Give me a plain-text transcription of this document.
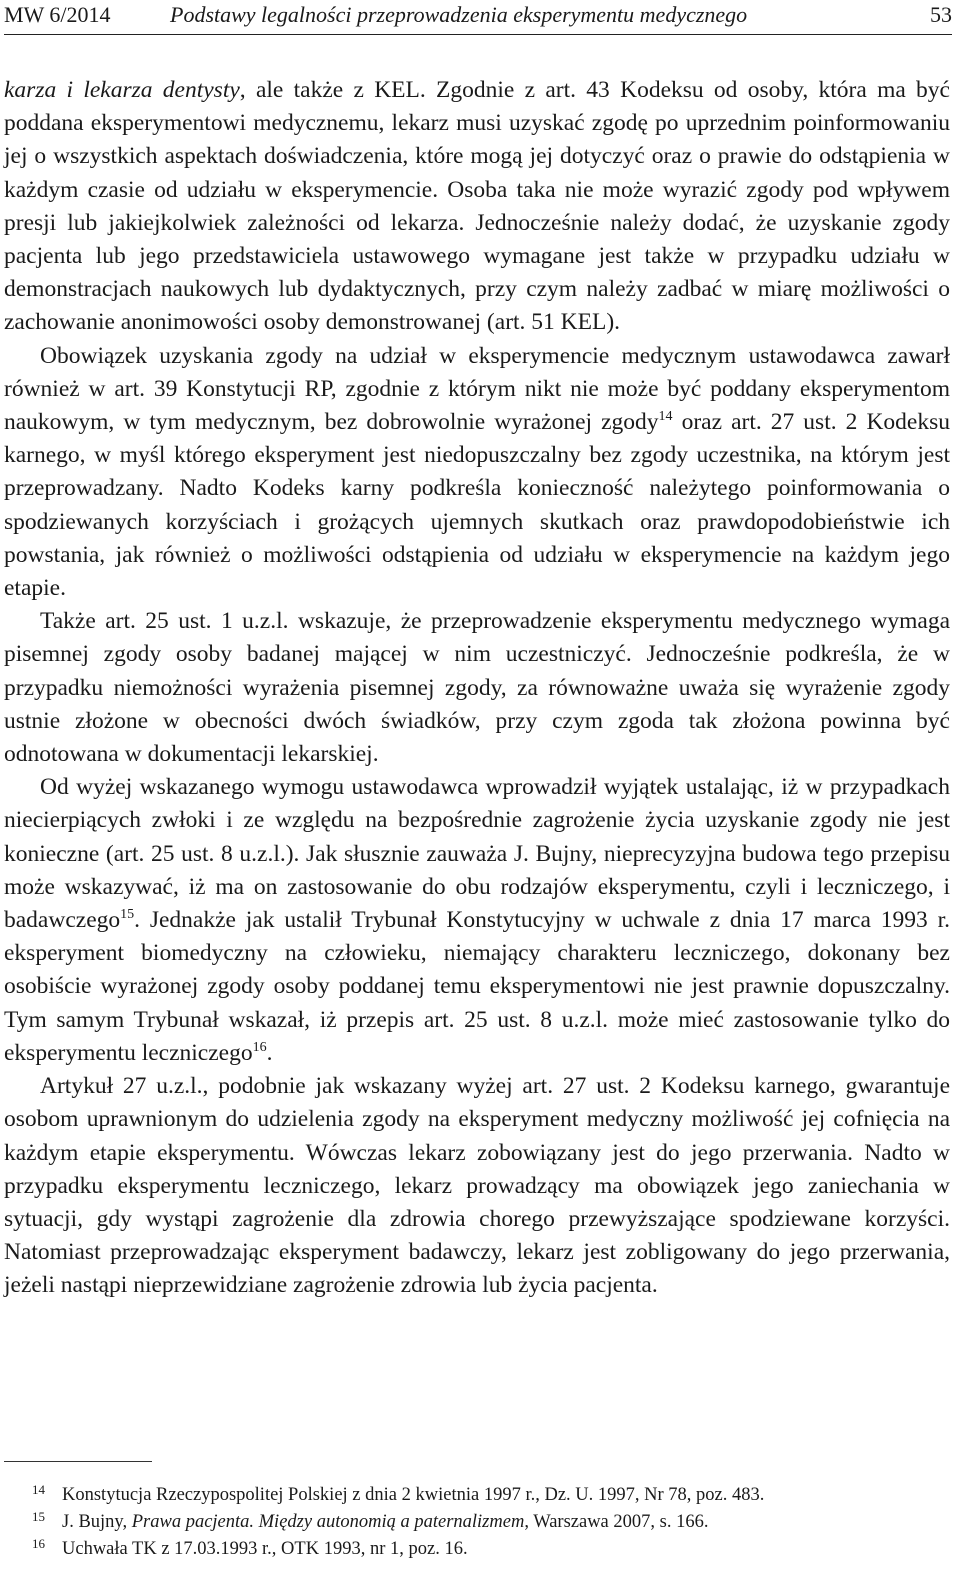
MW 6/2014	Podstawy legalności przeprowadzenia eksperymentu medycznego	53

karza i lekarza dentysty, ale także z KEL. Zgodnie z art. 43 Kodeksu od osoby, która ma być poddana eksperymentowi medycznemu, lekarz musi uzyskać zgodę po uprzednim poinformowaniu jej o wszystkich aspektach doświadczenia, które mogą jej dotyczyć oraz o prawie do odstąpienia w każdym czasie od udziału w eksperymencie. Osoba taka nie może wyrazić zgody pod wpływem presji lub jakiejkolwiek zależności od lekarza. Jednocześnie należy dodać, że uzyskanie zgody pacjenta lub jego przedstawiciela ustawowego wymagane jest także w przypadku udziału w demonstracjach naukowych lub dydaktycznych, przy czym należy zadbać w miarę możliwości o zachowanie anonimowości osoby demonstrowanej (art. 51 KEL).

Obowiązek uzyskania zgody na udział w eksperymencie medycznym ustawodawca zawarł również w art. 39 Konstytucji RP, zgodnie z którym nikt nie może być poddany eksperymentom naukowym, w tym medycznym, bez dobrowolnie wyrażonej zgody$^{14}$ oraz art. 27 ust. 2 Kodeksu karnego, w myśl którego eksperyment jest niedopuszczalny bez zgody uczestnika, na którym jest przeprowadzany. Nadto Kodeks karny podkreśla konieczność należytego poinformowania o spodziewanych korzyściach i grożących ujemnych skutkach oraz prawdopodobieństwie ich powstania, jak również o możliwości odstąpienia od udziału w eksperymencie na każdym jego etapie.

Także art. 25 ust. 1 u.z.l. wskazuje, że przeprowadzenie eksperymentu medycznego wymaga pisemnej zgody osoby badanej mającej w nim uczestniczyć. Jednocześnie podkreśla, że w przypadku niemożności wyrażenia pisemnej zgody, za równoważne uważa się wyrażenie zgody ustnie złożone w obecności dwóch świadków, przy czym zgoda tak złożona powinna być odnotowana w dokumentacji lekarskiej.

Od wyżej wskazanego wymogu ustawodawca wprowadził wyjątek ustalając, iż w przypadkach niecierpiących zwłoki i ze względu na bezpośrednie zagrożenie życia uzyskanie zgody nie jest konieczne (art. 25 ust. 8 u.z.l.). Jak słusznie zauważa J. Bujny, nieprecyzyjna budowa tego przepisu może wskazywać, iż ma on zastosowanie do obu rodzajów eksperymentu, czyli i leczniczego, i badawczego$^{15}$. Jednakże jak ustalił Trybunał Konstytucyjny w uchwale z dnia 17 marca 1993 r. eksperyment biomedyczny na człowieku, niemający charakteru leczniczego, dokonany bez osobiście wyrażonej zgody osoby poddanej temu eksperymentowi nie jest prawnie dopuszczalny. Tym samym Trybunał wskazał, iż przepis art. 25 ust. 8 u.z.l. może mieć zastosowanie tylko do eksperymentu leczniczego$^{16}$.

Artykuł 27 u.z.l., podobnie jak wskazany wyżej art. 27 ust. 2 Kodeksu karnego, gwarantuje osobom uprawnionym do udzielenia zgody na eksperyment medyczny możliwość jej cofnięcia na każdym etapie eksperymentu. Wówczas lekarz zobowiązany jest do jego przerwania. Nadto w przypadku eksperymentu leczniczego, lekarz prowadzący ma obowiązek jego zaniechania w sytuacji, gdy wystąpi zagrożenie dla zdrowia chorego przewyższające spodziewane korzyści. Natomiast przeprowadzając eksperyment badawczy, lekarz jest zobligowany do jego przerwania, jeżeli nastąpi nieprzewidziane zagrożenie zdrowia lub życia pacjenta.

14 Konstytucja Rzeczypospolitej Polskiej z dnia 2 kwietnia 1997 r., Dz. U. 1997, Nr 78, poz. 483.

15 J. Bujny, Prawa pacjenta. Między autonomią a paternalizmem, Warszawa 2007, s. 166.

16 Uchwała TK z 17.03.1993 r., OTK 1993, nr 1, poz. 16.
